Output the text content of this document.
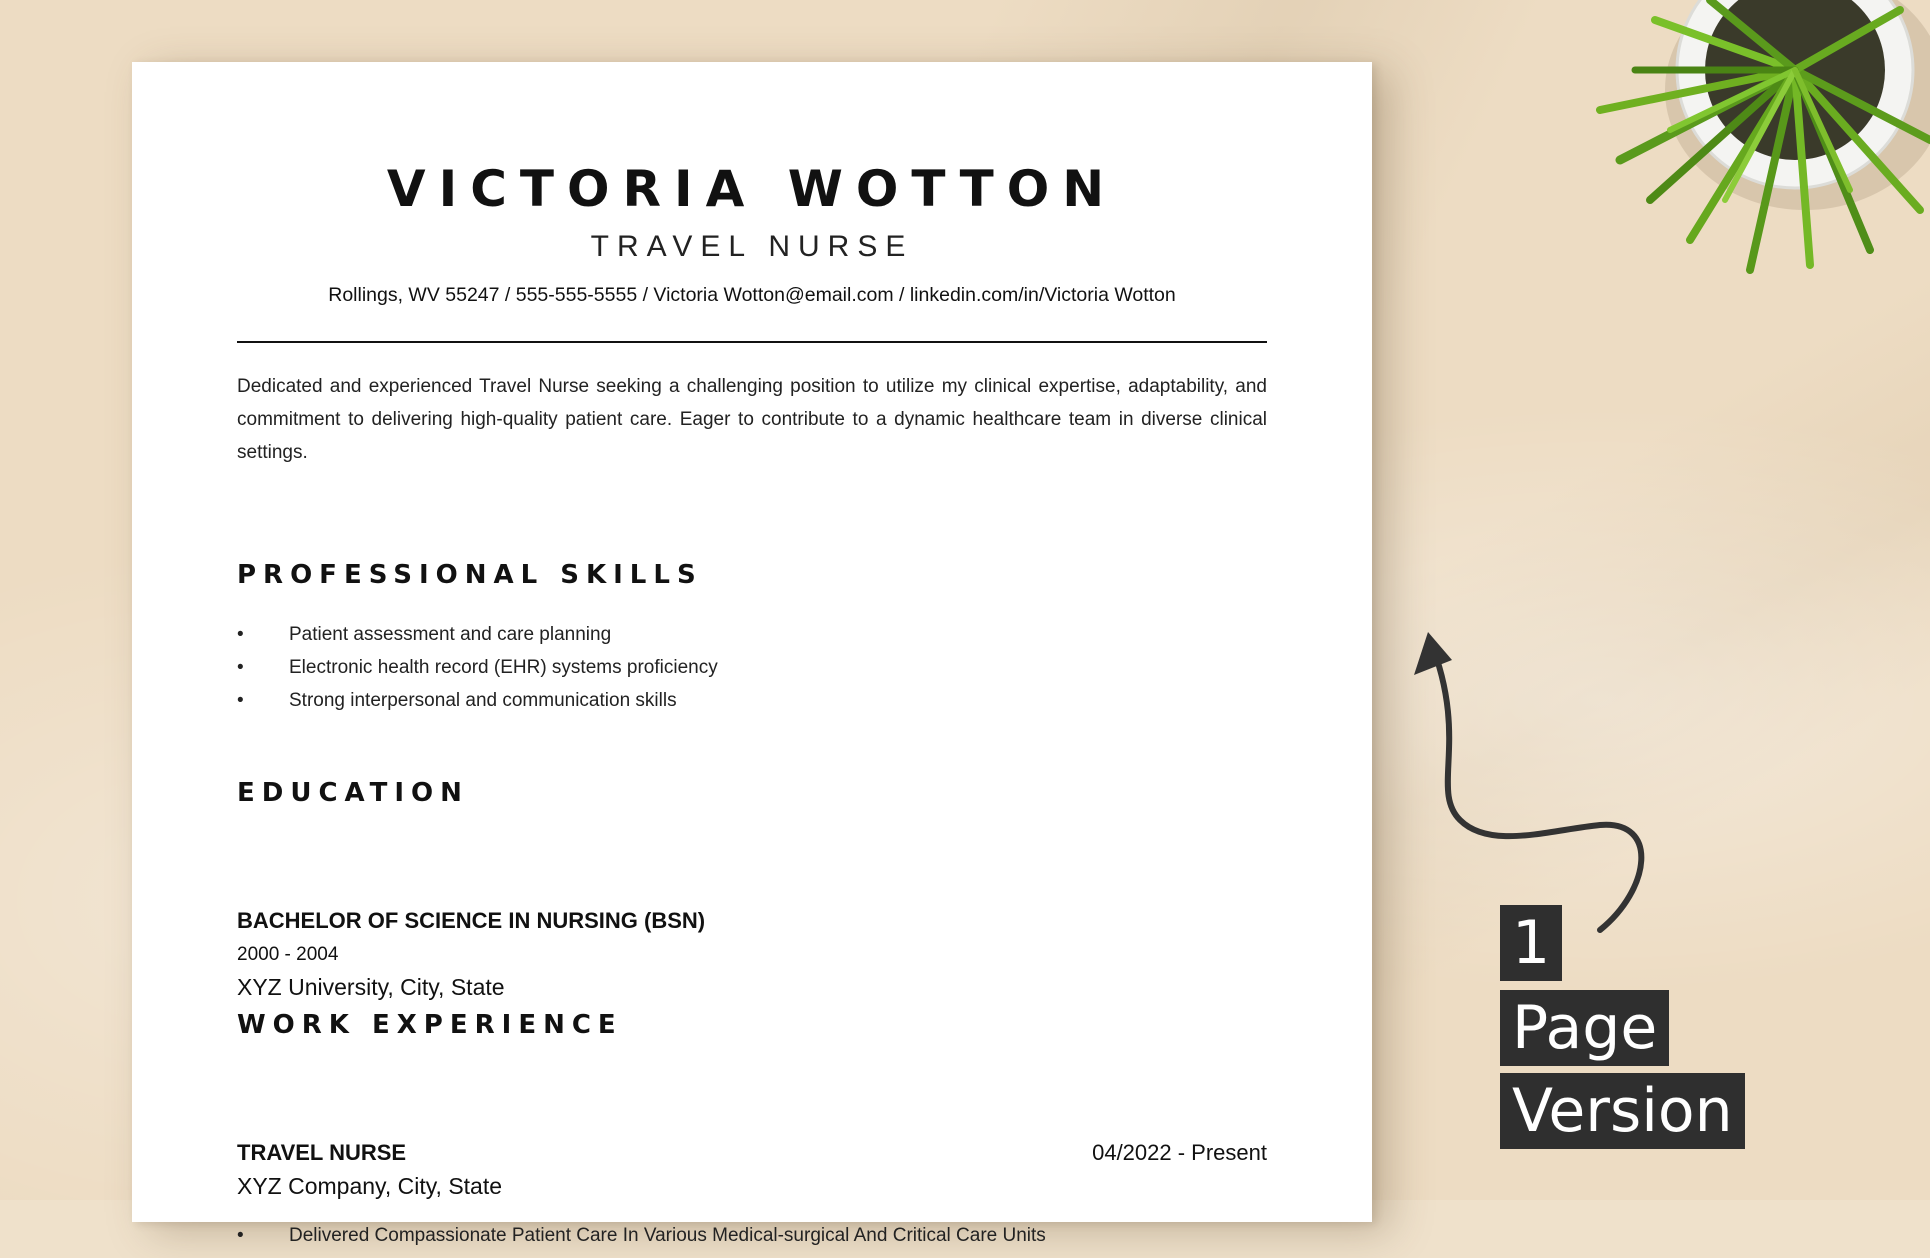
VICTORIA WOTTON
TRAVEL NURSE
Rollings, WV 55247 / 555-555-5555 / Victoria Wotton@email.com / linkedin.com/in/Victoria Wotton
Dedicated and experienced Travel Nurse seeking a challenging position to utilize my clinical expertise, adaptability, and commitment to delivering high-quality patient care. Eager to contribute to a dynamic healthcare team in diverse clinical settings.
PROFESSIONAL SKILLS
• Patient assessment and care planning
• Electronic health record (EHR) systems proficiency
• Strong interpersonal and communication skills
EDUCATION
BACHELOR OF SCIENCE IN NURSING (BSN)
2000 - 2004
XYZ University, City, State
WORK EXPERIENCE
TRAVEL NURSE	04/2022 - Present
XYZ Company, City, State
• Delivered Compassionate Patient Care In Various Medical-surgical And Critical Care Units
1
Page
Version
